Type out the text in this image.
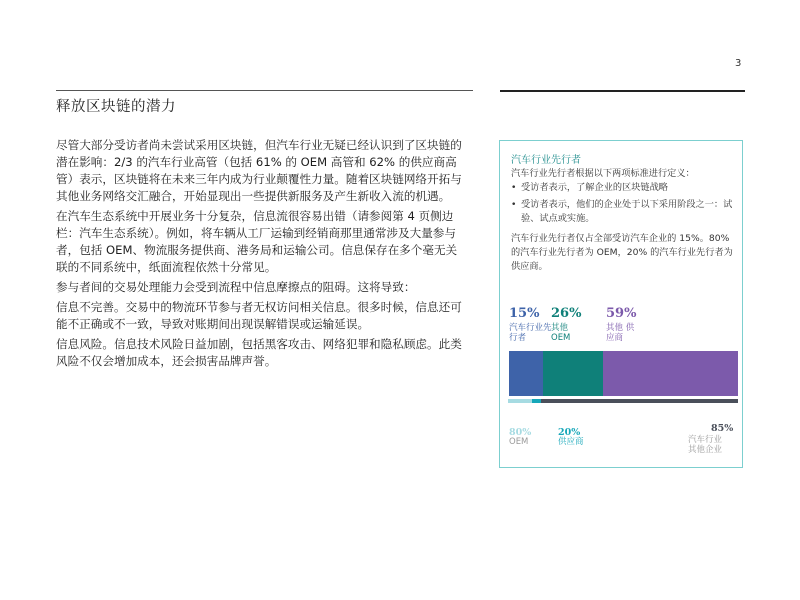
3
释放区块链的潜力

尽管大部分受访者尚未尝试采用区块链，但汽车行业无疑已经认识到了区块链的潜在影响：2/3 的汽车行业高管（包括 61% 的 OEM 高管和 62% 的供应商高管）表示，区块链将在未来三年内成为行业颠覆性力量。随着区块链网络开拓与其他业务网络交汇融合，开始显现出一些提供新服务及产生新收入流的机遇。

在汽车生态系统中开展业务十分复杂，信息流很容易出错（请参阅第 4 页侧边栏：汽车生态系统）。例如，将车辆从工厂运输到经销商那里通常涉及大量参与者，包括 OEM、物流服务提供商、港务局和运输公司。信息保存在多个毫无关联的不同系统中，纸面流程依然十分常见。

参与者间的交易处理能力会受到流程中信息摩擦点的阻碍。这将导致：

信息不完善。交易中的物流环节参与者无权访问相关信息。很多时候，信息还可能不正确或不一致，导致对账期间出现误解错误或运输延误。

信息风险。信息技术风险日益加剧，包括黑客攻击、网络犯罪和隐私顾虑。此类风险不仅会增加成本，还会损害品牌声誉。

汽车行业先行者
汽车行业先行者根据以下两项标准进行定义：
• 受访者表示，了解企业的区块链战略
• 受访者表示，他们的企业处于以下采用阶段之一：试验、试点或实施。
汽车行业先行者仅占全部受访汽车企业的 15%。80% 的汽车行业先行者为 OEM，20% 的汽车行业先行者为供应商。
15%
汽车行业先行者
26%
其他 OEM
59%
其他 供应商
80%
OEM
20%
供应商
85%
汽车行业 其他企业
